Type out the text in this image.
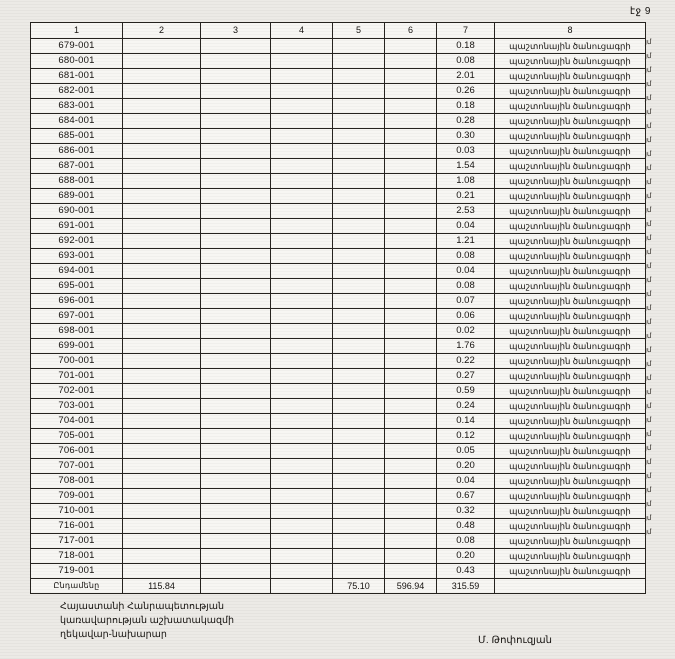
էջ 9
1	2	3	4	5	6	7	8
679-001						0.18	պաշտոնային ծանուցագրի
680-001						0.08	պաշտոնային ծանուցագրի
681-001						2.01	պաշտոնային ծանուցագրի
682-001						0.26	պաշտոնային ծանուցագրի
683-001						0.18	պաշտոնային ծանուցագրի
684-001						0.28	պաշտոնային ծանուցագրի
685-001						0.30	պաշտոնային ծանուցագրի
686-001						0.03	պաշտոնային ծանուցագրի
687-001						1.54	պաշտոնային ծանուցագրի
688-001						1.08	պաշտոնային ծանուցագրի
689-001						0.21	պաշտոնային ծանուցագրի
690-001						2.53	պաշտոնային ծանուցագրի
691-001						0.04	պաշտոնային ծանուցագրի
692-001						1.21	պաշտոնային ծանուցագրի
693-001						0.08	պաշտոնային ծանուցագրի
694-001						0.04	պաշտոնային ծանուցագրի
695-001						0.08	պաշտոնային ծանուցագրի
696-001						0.07	պաշտոնային ծանուցագրի
697-001						0.06	պաշտոնային ծանուցագրի
698-001						0.02	պաշտոնային ծանուցագրի
699-001						1.76	պաշտոնային ծանուցագրի
700-001						0.22	պաշտոնային ծանուցագրի
701-001						0.27	պաշտոնային ծանուցագրի
702-001						0.59	պաշտոնային ծանուցագրի
703-001						0.24	պաշտոնային ծանուցագրի
704-001						0.14	պաշտոնային ծանուցագրի
705-001						0.12	պաշտոնային ծանուցագրի
706-001						0.05	պաշտոնային ծանուցագրի
707-001						0.20	պաշտոնային ծանուցագրի
708-001						0.04	պաշտոնային ծանուցագրի
709-001						0.67	պաշտոնային ծանուցագրի
710-001						0.32	պաշտոնային ծանուցագրի
716-001						0.48	պաշտոնային ծանուցագրի
717-001						0.08	պաշտոնային ծանուցագրի
718-001						0.20	պաշտոնային ծանուցագրի
719-001						0.43	պաշտոնային ծանուցագրի
Ընդամենը	115.84			75.10	596.94	315.59	
յմ
յմ
յմ
յմ
յմ
յմ
յմ
յմ
յմ
յմ
յմ
յմ
յմ
յմ
յմ
յմ
յմ
յմ
յմ
յմ
յմ
յմ
յմ
յմ
յմ
յմ
յմ
յմ
յմ
յմ
յմ
յմ
յմ
յմ
յմ
յմ
Հայաստանի Հանրապետության
կառավարության աշխատակազմի
ղեկավար-նախարար
Մ. Թոփուզյան
